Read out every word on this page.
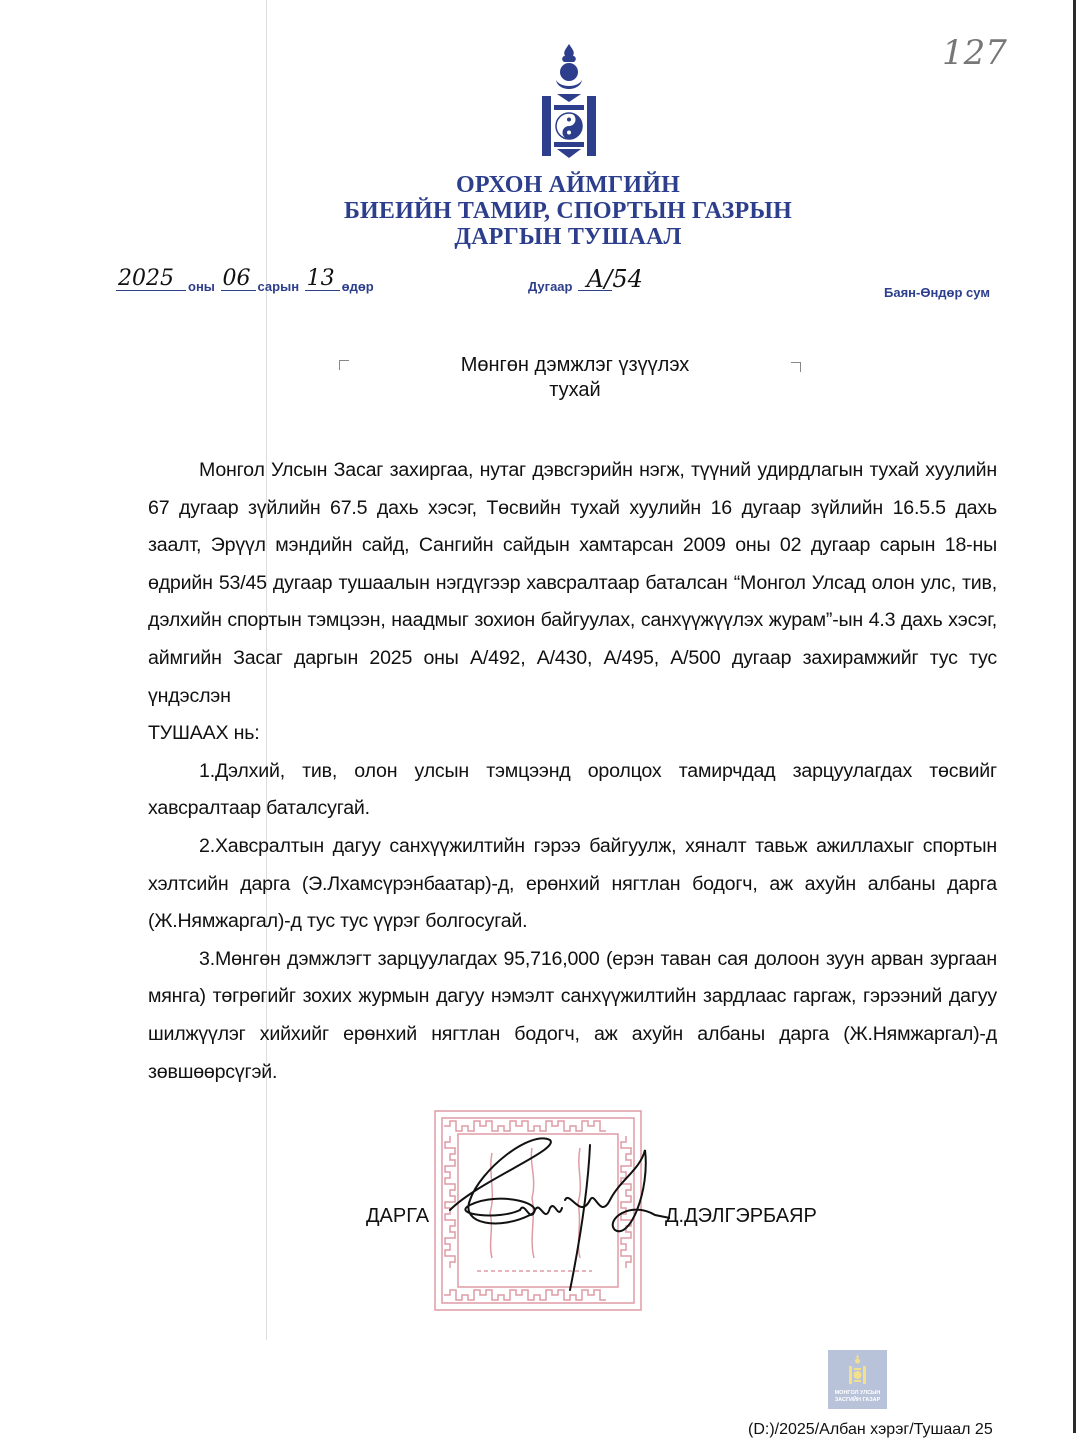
127
ОРХОН АЙМГИЙН
БИЕИЙН ТАМИР, СПОРТЫН ГАЗРЫН
ДАРГЫН ТУШААЛ
2025 оны 06 сарын 13 өдөр	Дугаар А/54	Баян-Өндөр сум
Мөнгөн дэмжлэг үзүүлэх
тухай

Монгол Улсын Засаг захиргаа, нутаг дэвсгэрийн нэгж, түүний удирдлагын тухай хуулийн 67 дугаар зүйлийн 67.5 дахь хэсэг, Төсвийн тухай хуулийн 16 дугаар зүйлийн 16.5.5 дахь заалт, Эрүүл мэндийн сайд, Сангийн сайдын хамтарсан 2009 оны 02 дугаар сарын 18-ны өдрийн 53/45 дугаар тушаалын нэгдүгээр хавсралтаар баталсан “Монгол Улсад олон улс, тив, дэлхийн спортын тэмцээн, наадмыг зохион байгуулах, санхүүжүүлэх журам”-ын 4.3 дахь хэсэг, аймгийн Засаг даргын 2025 оны А/492, А/430, А/495, А/500 дугаар захирамжийг тус тус үндэслэн

ТУШААХ нь:

1.Дэлхий, тив, олон улсын тэмцээнд оролцох тамирчдад зарцуулагдах төсвийг хавсралтаар баталсугай.

2.Хавсралтын дагуу санхүүжилтийн гэрээ байгуулж, хяналт тавьж ажиллахыг спортын хэлтсийн дарга (Э.Лхамсүрэнбаатар)-д, ерөнхий нягтлан бодогч, аж ахуйн албаны дарга (Ж.Нямжаргал)-д тус тус үүрэг болгосугай.

3.Мөнгөн дэмжлэгт зарцуулагдах 95,716,000 (ерэн таван сая долоон зуун арван зургаан мянга) төгрөгийг зохих журмын дагуу нэмэлт санхүүжилтийн зардлаас гаргаж, гэрээний дагуу шилжүүлэг хийхийг ерөнхий нягтлан бодогч, аж ахуйн албаны дарга (Ж.Нямжаргал)-д зөвшөөрсүгэй.

ДАРГА	Д.ДЭЛГЭРБАЯР
МОНГОЛ УЛСЫН
ЗАСГИЙН ГАЗАР
(D:)/2025/Албан хэрэг/Тушаал 25
